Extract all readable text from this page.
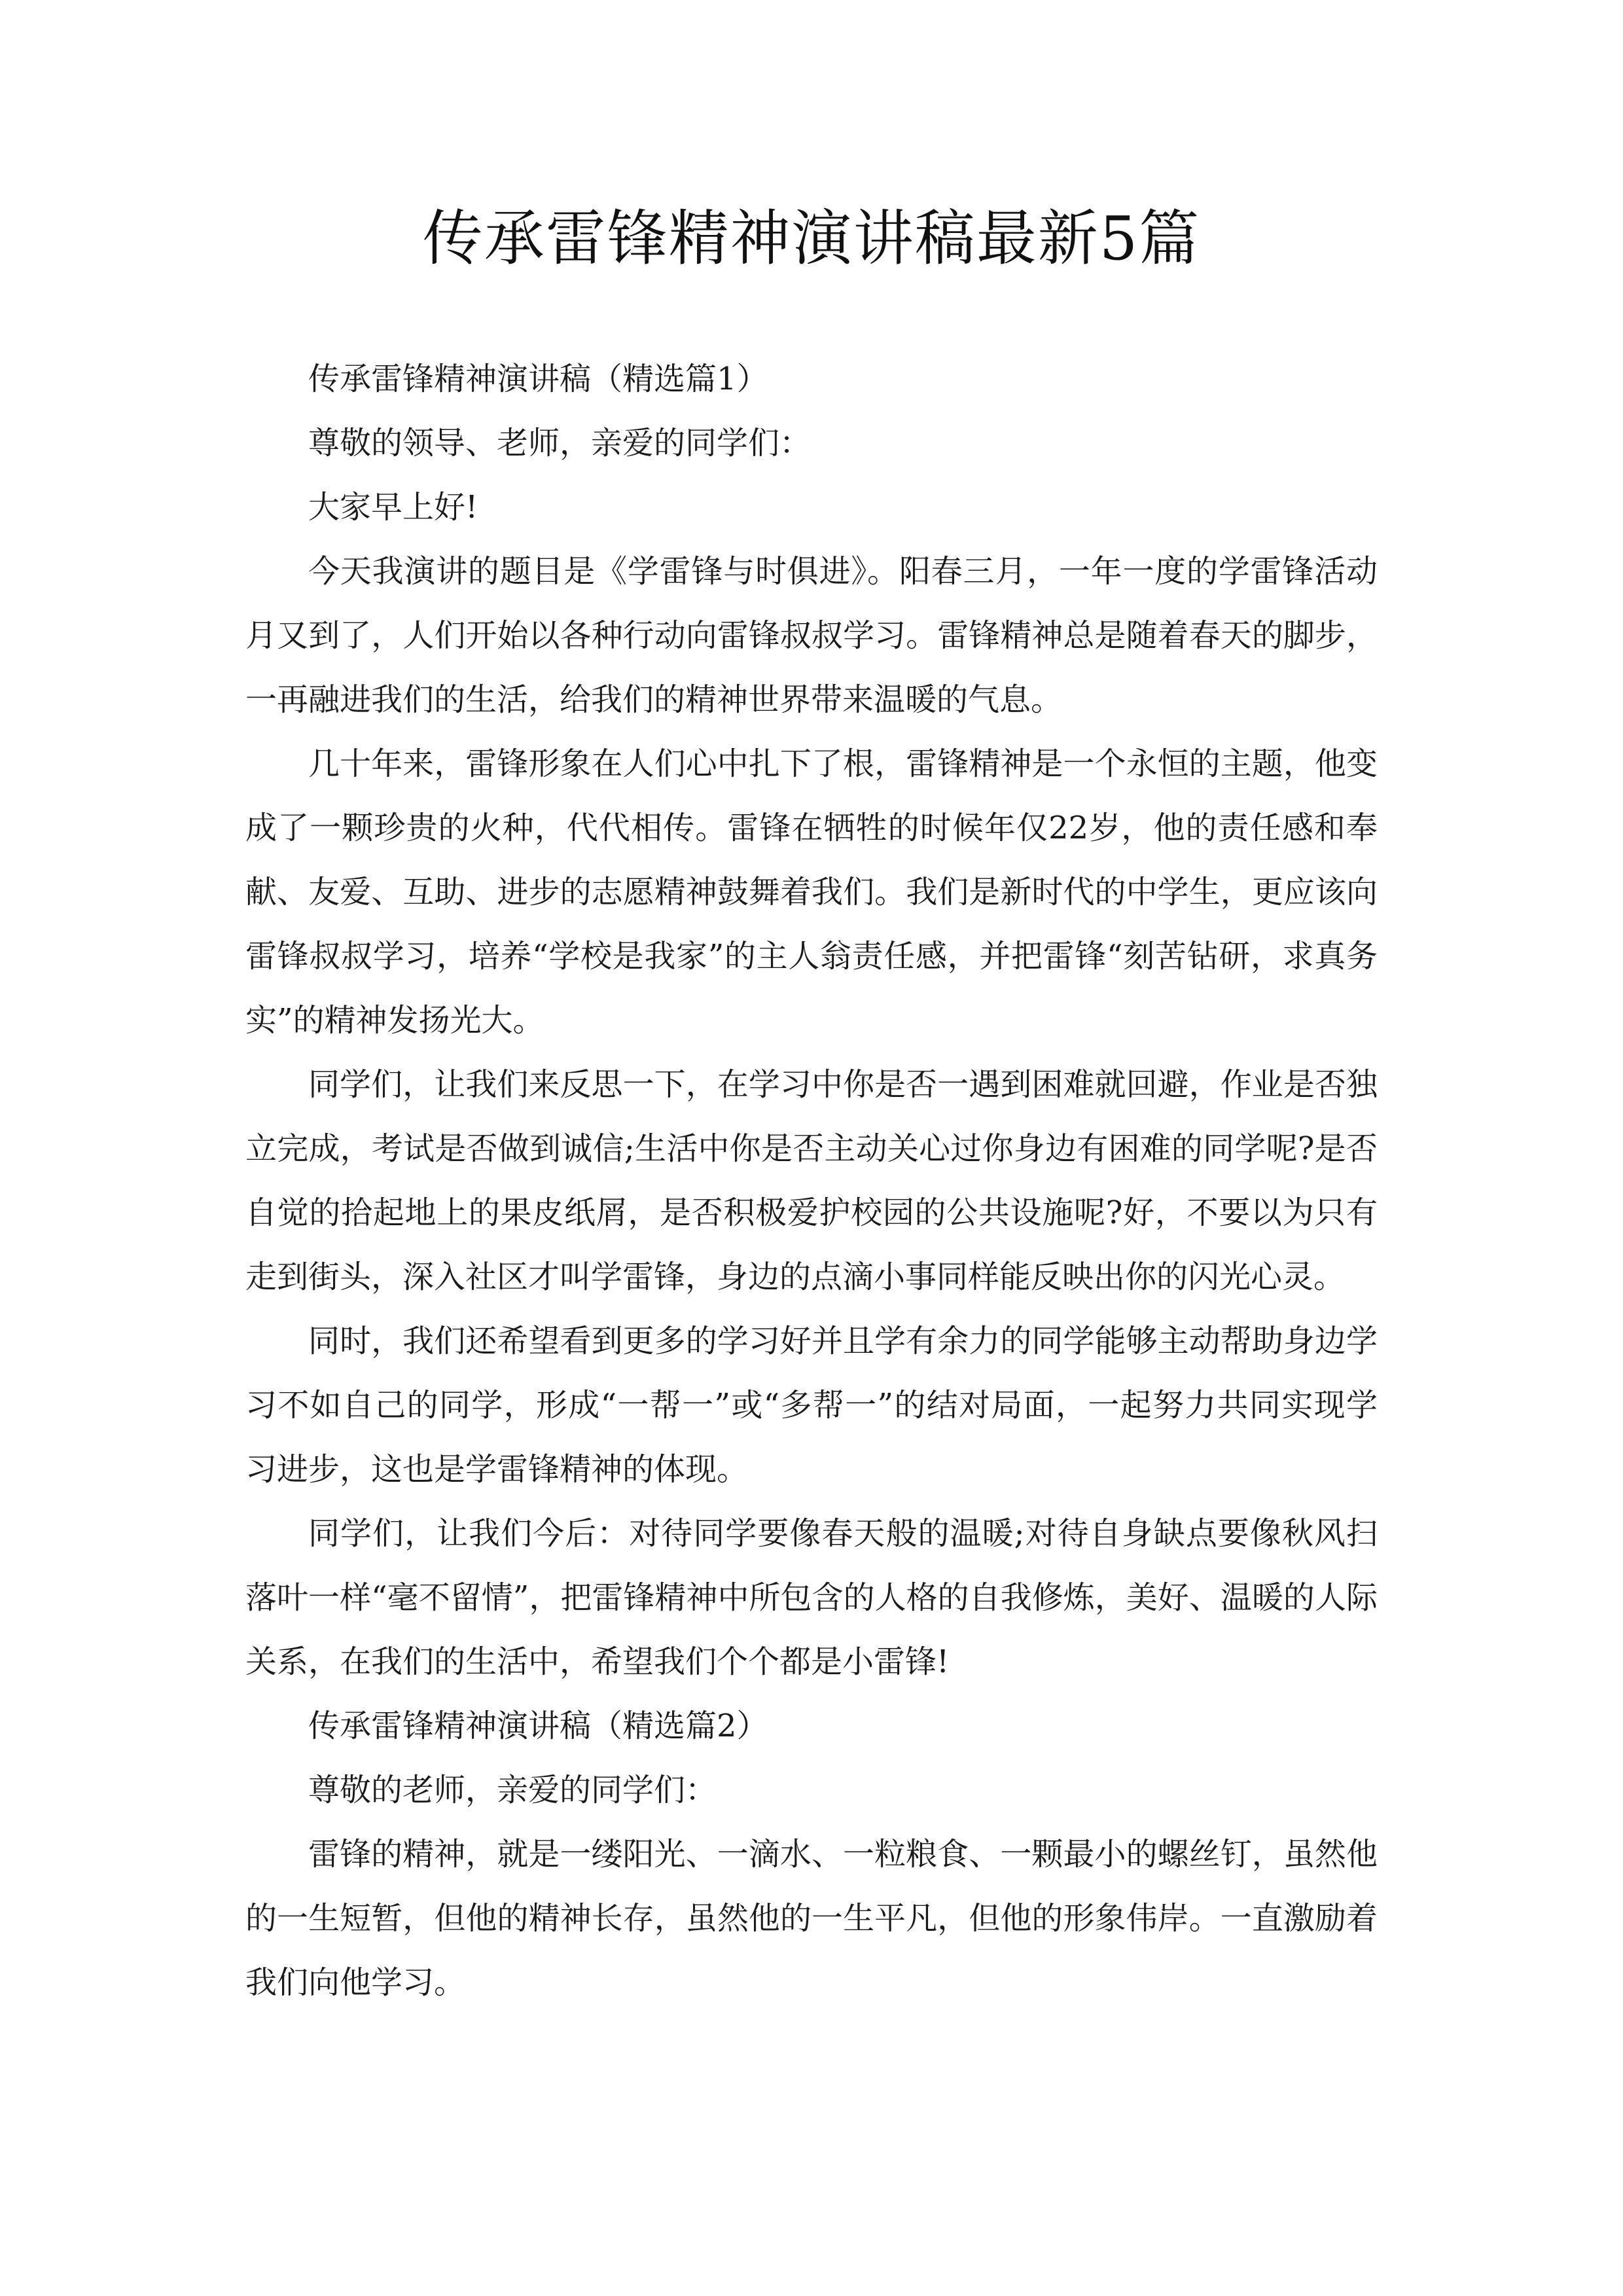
传承雷锋精神演讲稿最新5篇

传承雷锋精神演讲稿（精选篇1）

尊敬的领导、老师，亲爱的同学们：

大家早上好!

今天我演讲的题目是《学雷锋与时俱进》。阳春三月，一年一度的学雷锋活动月又到了，人们开始以各种行动向雷锋叔叔学习。雷锋精神总是随着春天的脚步，一再融进我们的生活，给我们的精神世界带来温暖的气息。

几十年来，雷锋形象在人们心中扎下了根，雷锋精神是一个永恒的主题，他变成了一颗珍贵的火种，代代相传。雷锋在牺牲的时候年仅22岁，他的责任感和奉献、友爱、互助、进步的志愿精神鼓舞着我们。我们是新时代的中学生，更应该向雷锋叔叔学习，培养“学校是我家”的主人翁责任感，并把雷锋“刻苦钻研，求真务实”的精神发扬光大。

同学们，让我们来反思一下，在学习中你是否一遇到困难就回避，作业是否独立完成，考试是否做到诚信;生活中你是否主动关心过你身边有困难的同学呢?是否自觉的拾起地上的果皮纸屑，是否积极爱护校园的公共设施呢?好，不要以为只有走到街头，深入社区才叫学雷锋，身边的点滴小事同样能反映出你的闪光心灵。

同时，我们还希望看到更多的学习好并且学有余力的同学能够主动帮助身边学习不如自己的同学，形成“一帮一”或“多帮一”的结对局面，一起努力共同实现学习进步，这也是学雷锋精神的体现。

同学们，让我们今后：对待同学要像春天般的温暖;对待自身缺点要像秋风扫落叶一样“毫不留情”，把雷锋精神中所包含的人格的自我修炼，美好、温暖的人际关系，在我们的生活中，希望我们个个都是小雷锋!

传承雷锋精神演讲稿（精选篇2）

尊敬的老师，亲爱的同学们：

雷锋的精神，就是一缕阳光、一滴水、一粒粮食、一颗最小的螺丝钉，虽然他的一生短暂，但他的精神长存，虽然他的一生平凡，但他的形象伟岸。一直激励着我们向他学习。
